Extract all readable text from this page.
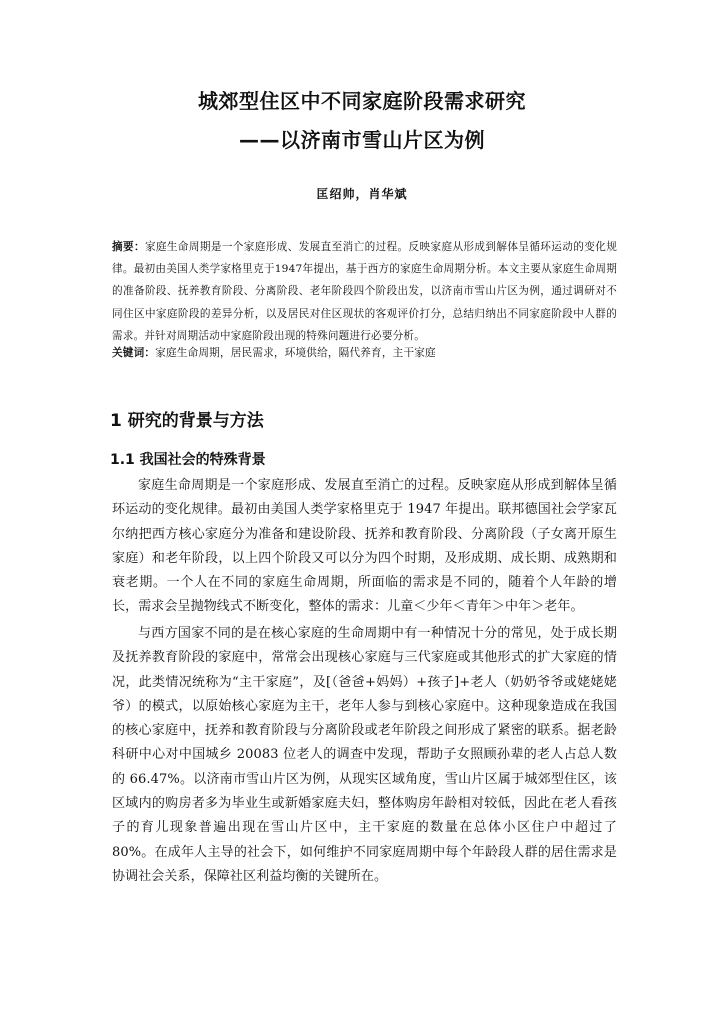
城郊型住区中不同家庭阶段需求研究
——以济南市雪山片区为例
匡绍帅，肖华斌

摘要：家庭生命周期是一个家庭形成、发展直至消亡的过程。反映家庭从形成到解体呈循环运动的变化规律。最初由美国人类学家格里克于1947年提出，基于西方的家庭生命周期分析。本文主要从家庭生命周期的准备阶段、抚养教育阶段、分离阶段、老年阶段四个阶段出发，以济南市雪山片区为例，通过调研对不同住区中家庭阶段的差异分析，以及居民对住区现状的客观评价打分，总结归纳出不同家庭阶段中人群的需求。并针对周期活动中家庭阶段出现的特殊问题进行必要分析。

关键词：家庭生命周期，居民需求，环境供给，隔代养育，主干家庭

1 研究的背景与方法
1.1 我国社会的特殊背景

家庭生命周期是一个家庭形成、发展直至消亡的过程。反映家庭从形成到解体呈循环运动的变化规律。最初由美国人类学家格里克于 1947 年提出。联邦德国社会学家瓦尔纳把西方核心家庭分为准备和建设阶段、抚养和教育阶段、分离阶段（子女离开原生家庭）和老年阶段，以上四个阶段又可以分为四个时期，及形成期、成长期、成熟期和衰老期。一个人在不同的家庭生命周期，所面临的需求是不同的，随着个人年龄的增长，需求会呈抛物线式不断变化，整体的需求：儿童＜少年＜青年＞中年＞老年。

与西方国家不同的是在核心家庭的生命周期中有一种情况十分的常见，处于成长期及抚养教育阶段的家庭中，常常会出现核心家庭与三代家庭或其他形式的扩大家庭的情况，此类情况统称为“主干家庭”，及[（爸爸+妈妈）+孩子]+老人（奶奶爷爷或姥姥姥爷）的模式，以原始核心家庭为主干，老年人参与到核心家庭中。这种现象造成在我国的核心家庭中，抚养和教育阶段与分离阶段或老年阶段之间形成了紧密的联系。据老龄科研中心对中国城乡 20083 位老人的调查中发现，帮助子女照顾孙辈的老人占总人数的 66.47%。以济南市雪山片区为例，从现实区域角度，雪山片区属于城郊型住区，该区域内的购房者多为毕业生或新婚家庭夫妇，整体购房年龄相对较低，因此在老人看孩子的育儿现象普遍出现在雪山片区中，主干家庭的数量在总体小区住户中超过了 80%。在成年人主导的社会下，如何维护不同家庭周期中每个年龄段人群的居住需求是协调社会关系，保障社区利益均衡的关键所在。
